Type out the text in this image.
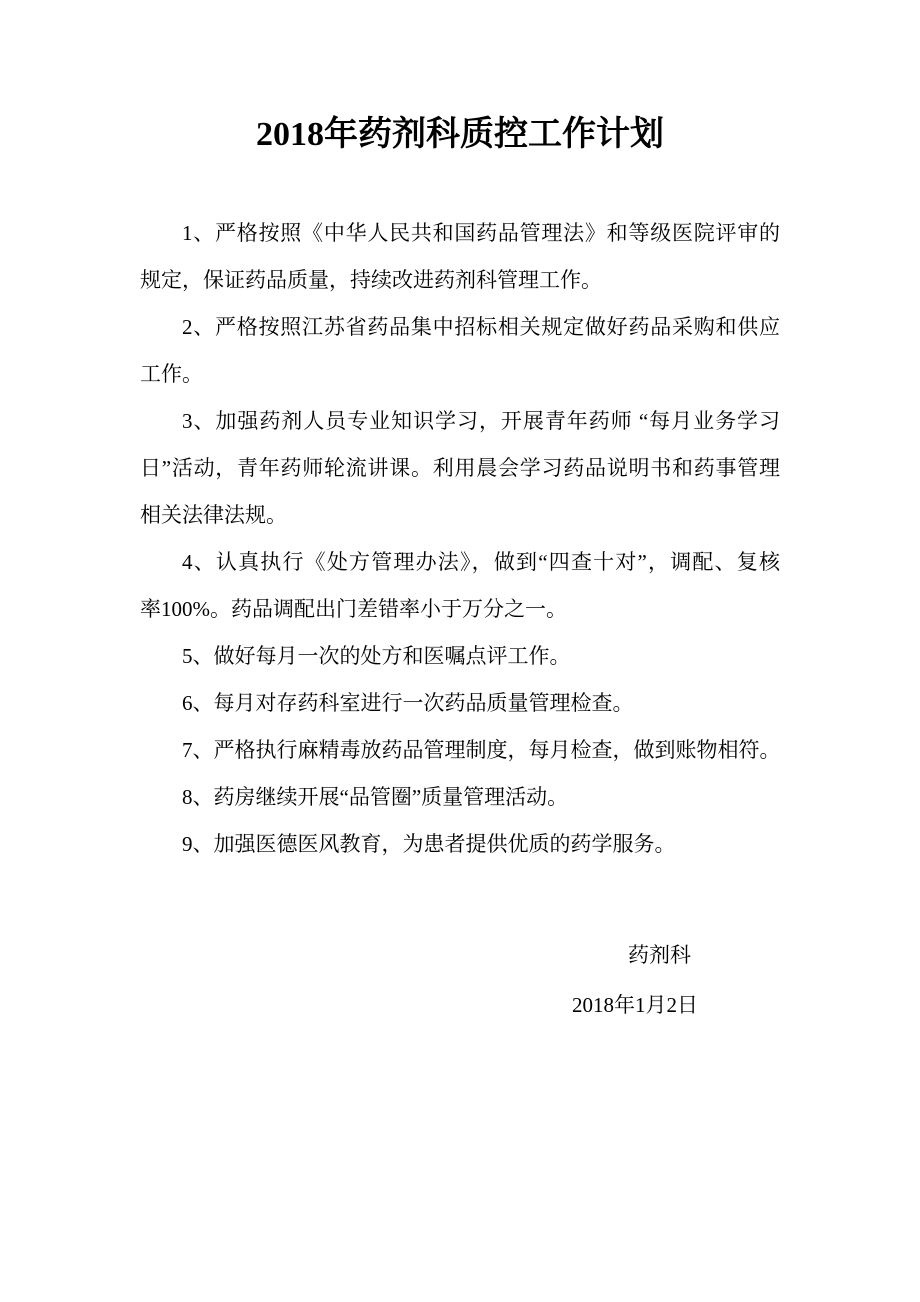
2018年药剂科质控工作计划
1、严格按照《中华人民共和国药品管理法》和等级医院评审的
规定，保证药品质量，持续改进药剂科管理工作。
2、严格按照江苏省药品集中招标相关规定做好药品采购和供应
工作。
3、加强药剂人员专业知识学习，开展青年药师 “每月业务学习
日”活动，青年药师轮流讲课。利用晨会学习药品说明书和药事管理
相关法律法规。
4、认真执行《处方管理办法》，做到“四查十对”，调配、复核
率100%。药品调配出门差错率小于万分之一。
5、做好每月一次的处方和医嘱点评工作。
6、每月对存药科室进行一次药品质量管理检查。
7、严格执行麻精毒放药品管理制度，每月检查，做到账物相符。
8、药房继续开展“品管圈”质量管理活动。
9、加强医德医风教育，为患者提供优质的药学服务。
药剂科
2018年1月2日
